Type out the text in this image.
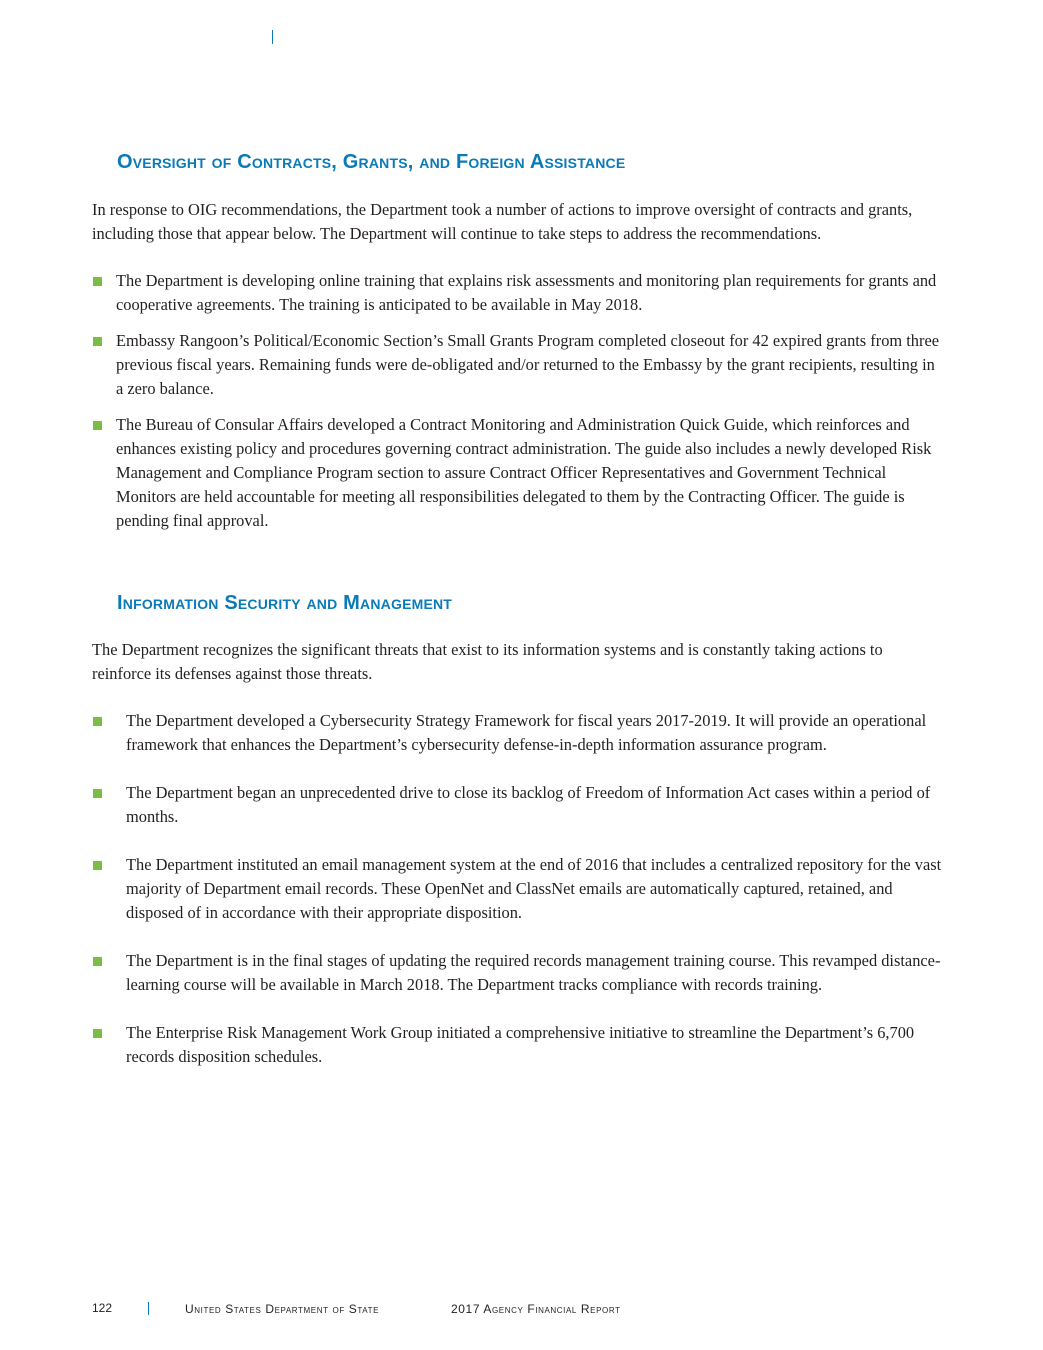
Oversight of Contracts, Grants, and Foreign Assistance

In response to OIG recommendations, the Department took a number of actions to improve oversight of contracts and grants, including those that appear below. The Department will continue to take steps to address the recommendations.

The Department is developing online training that explains risk assessments and monitoring plan requirements for grants and cooperative agreements. The training is anticipated to be available in May 2018.
Embassy Rangoon’s Political/Economic Section’s Small Grants Program completed closeout for 42 expired grants from three previous fiscal years. Remaining funds were de-obligated and/or returned to the Embassy by the grant recipients, resulting in a zero balance.
The Bureau of Consular Affairs developed a Contract Monitoring and Administration Quick Guide, which reinforces and enhances existing policy and procedures governing contract administration. The guide also includes a newly developed Risk Management and Compliance Program section to assure Contract Officer Representatives and Government Technical Monitors are held accountable for meeting all responsibilities delegated to them by the Contracting Officer. The guide is pending final approval.
Information Security and Management

The Department recognizes the significant threats that exist to its information systems and is constantly taking actions to reinforce its defenses against those threats.

The Department developed a Cybersecurity Strategy Framework for fiscal years 2017-2019. It will provide an operational framework that enhances the Department’s cybersecurity defense-in-depth information assurance program.
The Department began an unprecedented drive to close its backlog of Freedom of Information Act cases within a period of months.
The Department instituted an email management system at the end of 2016 that includes a centralized repository for the vast majority of Department email records. These OpenNet and ClassNet emails are automatically captured, retained, and disposed of in accordance with their appropriate disposition.
The Department is in the final stages of updating the required records management training course. This revamped distance-learning course will be available in March 2018. The Department tracks compliance with records training.
The Enterprise Risk Management Work Group initiated a comprehensive initiative to streamline the Department’s 6,700 records disposition schedules.
122	United States Department of State	2017 Agency Financial Report
